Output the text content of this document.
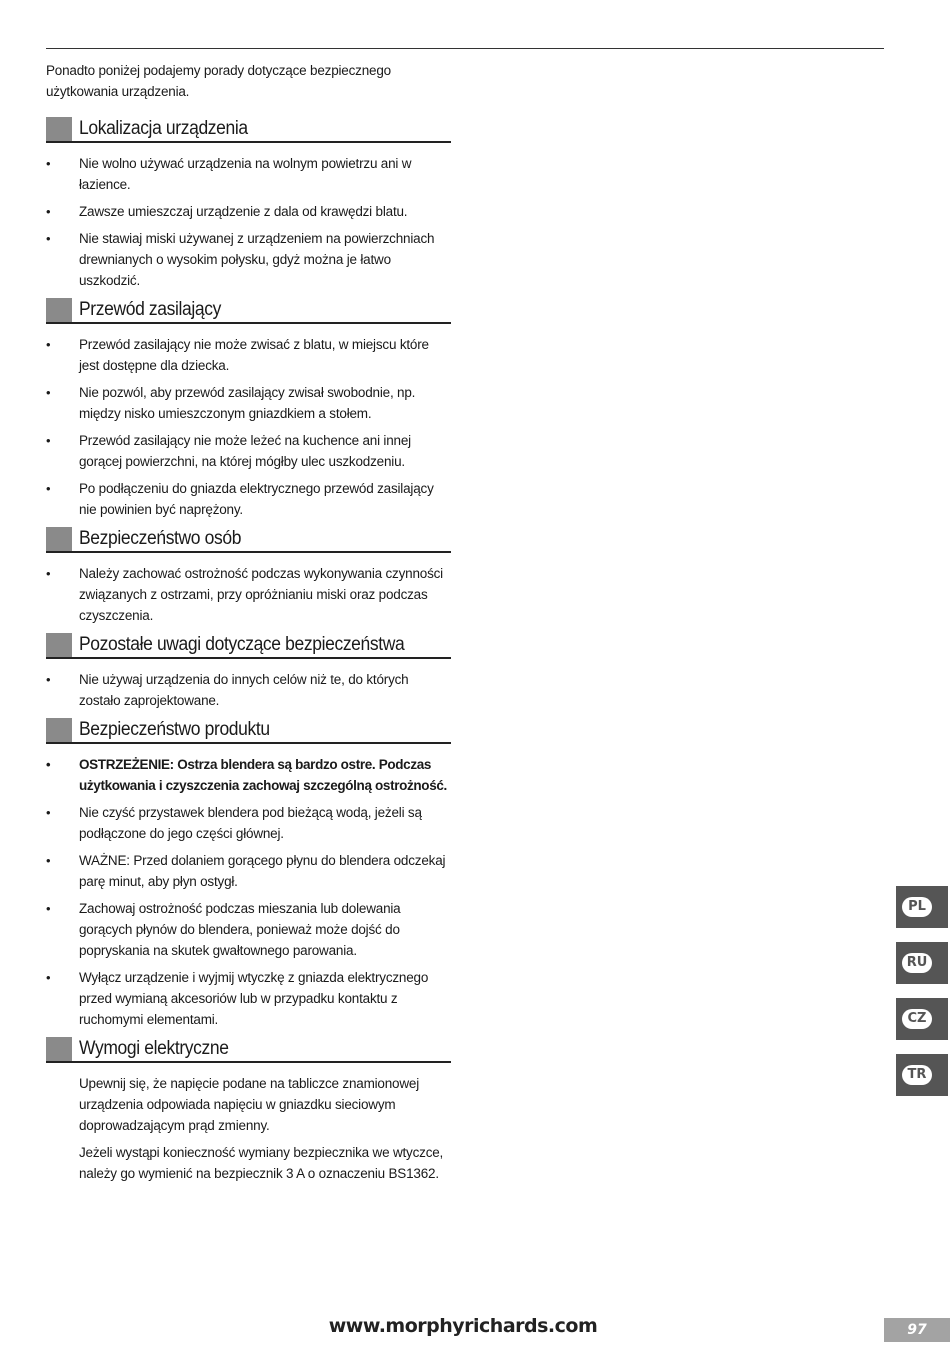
Ponadto poniżej podajemy porady dotyczące bezpiecznego użytkowania urządzenia.

Lokalizacja urządzenia
• Nie wolno używać urządzenia na wolnym powietrzu ani w łazience.
• Zawsze umieszczaj urządzenie z dala od krawędzi blatu.
• Nie stawiaj miski używanej z urządzeniem na powierzchniach drewnianych o wysokim połysku, gdyż można je łatwo uszkodzić.
Przewód zasilający
• Przewód zasilający nie może zwisać z blatu, w miejscu które jest dostępne dla dziecka.
• Nie pozwól, aby przewód zasilający zwisał swobodnie, np. między nisko umieszczonym gniazdkiem a stołem.
• Przewód zasilający nie może leżeć na kuchence ani innej gorącej powierzchni, na której mógłby ulec uszkodzeniu.
• Po podłączeniu do gniazda elektrycznego przewód zasilający nie powinien być naprężony.
Bezpieczeństwo osób
• Należy zachować ostrożność podczas wykonywania czynności związanych z ostrzami, przy opróżnianiu miski oraz podczas czyszczenia.
Pozostałe uwagi dotyczące bezpieczeństwa
• Nie używaj urządzenia do innych celów niż te, do których zostało zaprojektowane.
Bezpieczeństwo produktu
• OSTRZEŻENIE: Ostrza blendera są bardzo ostre. Podczas użytkowania i czyszczenia zachowaj szczególną ostrożność.
• Nie czyść przystawek blendera pod bieżącą wodą, jeżeli są podłączone do jego części głównej.
• WAŻNE: Przed dolaniem gorącego płynu do blendera odczekaj parę minut, aby płyn ostygł.
• Zachowaj ostrożność podczas mieszania lub dolewania gorących płynów do blendera, ponieważ może dojść do popryskania na skutek gwałtownego parowania.
• Wyłącz urządzenie i wyjmij wtyczkę z gniazda elektrycznego przed wymianą akcesoriów lub w przypadku kontaktu z ruchomymi elementami.
Wymogi elektryczne

Upewnij się, że napięcie podane na tabliczce znamionowej urządzenia odpowiada napięciu w gniazdku sieciowym doprowadzającym prąd zmienny.

Jeżeli wystąpi konieczność wymiany bezpiecznika we wtyczce, należy go wymienić na bezpiecznik 3 A o oznaczeniu BS1362.

PL
RU
CZ
TR
www.morphyrichards.com	97
